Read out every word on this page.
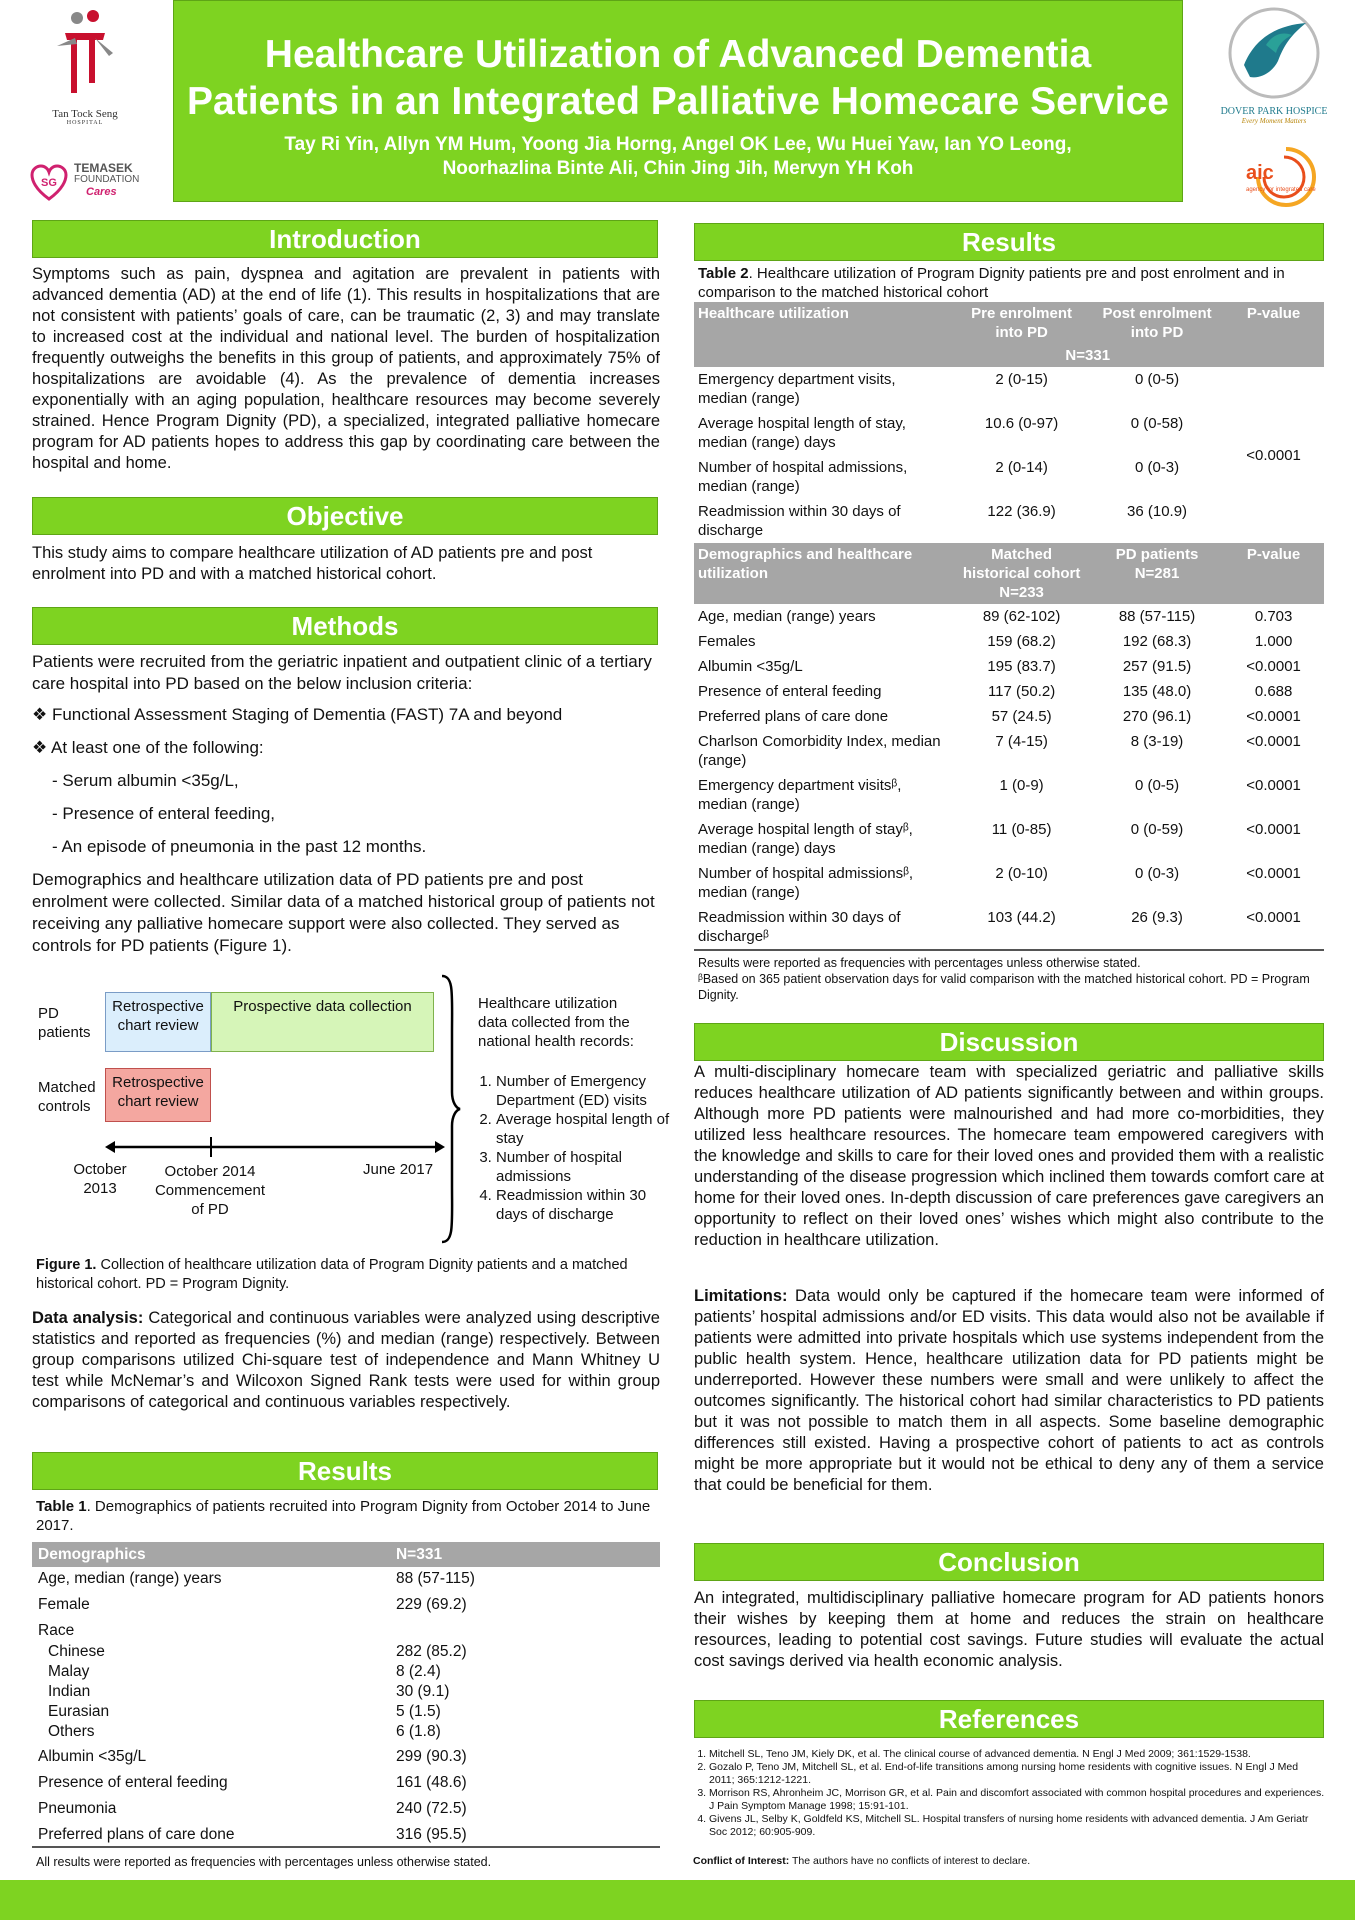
Healthcare Utilization of Advanced Dementia
Patients in an Integrated Palliative Homecare Service
Tay Ri Yin, Allyn YM Hum, Yoong Jia Horng, Angel OK Lee, Wu Huei Yaw, Ian YO Leong,
Noorhazlina Binte Ali, Chin Jing Jih, Mervyn YH Koh
Tan Tock Seng
HOSPITAL
SG
TEMASEK
FOUNDATION
Cares
DOVER PARK HOSPICE
Every Moment Matters
aic
agency for integrated care
Introduction
Symptoms such as pain, dyspnea and agitation are prevalent in patients with advanced dementia (AD) at the end of life (1). This results in hospitalizations that are not consistent with patients’ goals of care, can be traumatic (2, 3) and may translate to increased cost at the individual and national level. The burden of hospitalization frequently outweighs the benefits in this group of patients, and approximately 75% of hospitalizations are avoidable (4). As the prevalence of dementia increases exponentially with an aging population, healthcare resources may become severely strained. Hence Program Dignity (PD), a specialized, integrated palliative homecare program for AD patients hopes to address this gap by coordinating care between the hospital and home.
Objective
This study aims to compare healthcare utilization of AD patients pre and post enrolment into PD and with a matched historical cohort.
Methods
Patients were recruited from the geriatric inpatient and outpatient clinic of a tertiary care hospital into PD based on the below inclusion criteria:
❖ Functional Assessment Staging of Dementia (FAST) 7A and beyond
❖ At least one of the following:
- Serum albumin <35g/L,
- Presence of enteral feeding,
- An episode of pneumonia in the past 12 months.
Demographics and healthcare utilization data of PD patients pre and post enrolment were collected. Similar data of a matched historical group of patients not receiving any palliative homecare support were also collected. They served as controls for PD patients (Figure 1).
PD
patients
Matched
controls
Retrospective chart review
Prospective data collection
Retrospective chart review
October
2013
October 2014
Commencement
of PD
June 2017
Healthcare utilization
data collected from the
national health records:
1. Number of Emergency Department (ED) visits
2. Average hospital length of stay
3. Number of hospital admissions
4. Readmission within 30 days of discharge
Figure 1. Collection of healthcare utilization data of Program Dignity patients and a matched historical cohort. PD = Program Dignity.
Data analysis: Categorical and continuous variables were analyzed using descriptive statistics and reported as frequencies (%) and median (range) respectively. Between group comparisons utilized Chi-square test of independence and Mann Whitney U test while McNemar’s and Wilcoxon Signed Rank tests were used for within group comparisons of categorical and continuous variables respectively.
Results
Table 1. Demographics of patients recruited into Program Dignity from October 2014 to June 2017.
Demographics	N=331
Age, median (range) years	88 (57-115)
Female	229 (69.2)
Race	
Chinese	282 (85.2)
Malay	8 (2.4)
Indian	30 (9.1)
Eurasian	5 (1.5)
Others	6 (1.8)
Albumin <35g/L	299 (90.3)
Presence of enteral feeding	161 (48.6)
Pneumonia	240 (72.5)
Preferred plans of care done	316 (95.5)
All results were reported as frequencies with percentages unless otherwise stated.
Results
Table 2. Healthcare utilization of Program Dignity patients pre and post enrolment and in comparison to the matched historical cohort
Healthcare utilization	Pre enrolment into PD	Post enrolment into PD	P-value
	N=331		
Emergency department visits, median (range)	2 (0-15)	0 (0-5)	<0.0001
Average hospital length of stay, median (range) days	10.6 (0-97)	0 (0-58)	
Number of hospital admissions, median (range)	2 (0-14)	0 (0-3)	
Readmission within 30 days of discharge	122 (36.9)	36 (10.9)	
Demographics and healthcare utilization	Matched historical cohort N=233	PD patients N=281	P-value
Age, median (range) years	89 (62-102)	88 (57-115)	0.703
Females	159 (68.2)	192 (68.3)	1.000
Albumin <35g/L	195 (83.7)	257 (91.5)	<0.0001
Presence of enteral feeding	117 (50.2)	135 (48.0)	0.688
Preferred plans of care done	57 (24.5)	270 (96.1)	<0.0001
Charlson Comorbidity Index, median (range)	7 (4-15)	8 (3-19)	<0.0001
Emergency department visitsᵝ, median (range)	1 (0-9)	0 (0-5)	<0.0001
Average hospital length of stayᵝ, median (range) days	11 (0-85)	0 (0-59)	<0.0001
Number of hospital admissionsᵝ, median (range)	2 (0-10)	0 (0-3)	<0.0001
Readmission within 30 days of dischargeᵝ	103 (44.2)	26 (9.3)	<0.0001
Results were reported as frequencies with percentages unless otherwise stated.
ᵝBased on 365 patient observation days for valid comparison with the matched historical cohort. PD = Program Dignity.
Discussion
A multi-disciplinary homecare team with specialized geriatric and palliative skills reduces healthcare utilization of AD patients significantly between and within groups. Although more PD patients were malnourished and had more co-morbidities, they utilized less healthcare resources. The homecare team empowered caregivers with the knowledge and skills to care for their loved ones and provided them with a realistic understanding of the disease progression which inclined them towards comfort care at home for their loved ones. In-depth discussion of care preferences gave caregivers an opportunity to reflect on their loved ones’ wishes which might also contribute to the reduction in healthcare utilization.
Limitations: Data would only be captured if the homecare team were informed of patients’ hospital admissions and/or ED visits. This data would also not be available if patients were admitted into private hospitals which use systems independent from the public health system. Hence, healthcare utilization data for PD patients might be underreported. However these numbers were small and were unlikely to affect the outcomes significantly. The historical cohort had similar characteristics to PD patients but it was not possible to match them in all aspects. Some baseline demographic differences still existed. Having a prospective cohort of patients to act as controls might be more appropriate but it would not be ethical to deny any of them a service that could be beneficial for them.
Conclusion
An integrated, multidisciplinary palliative homecare program for AD patients honors their wishes by keeping them at home and reduces the strain on healthcare resources, leading to potential cost savings. Future studies will evaluate the actual cost savings derived via health economic analysis.
References
1. Mitchell SL, Teno JM, Kiely DK, et al. The clinical course of advanced dementia. N Engl J Med 2009; 361:1529-1538.
2. Gozalo P, Teno JM, Mitchell SL, et al. End-of-life transitions among nursing home residents with cognitive issues. N Engl J Med 2011; 365:1212-1221.
3. Morrison RS, Ahronheim JC, Morrison GR, et al. Pain and discomfort associated with common hospital procedures and experiences. J Pain Symptom Manage 1998; 15:91-101.
4. Givens JL, Selby K, Goldfeld KS, Mitchell SL. Hospital transfers of nursing home residents with advanced dementia. J Am Geriatr Soc 2012; 60:905-909.
Conflict of Interest: The authors have no conflicts of interest to declare.
